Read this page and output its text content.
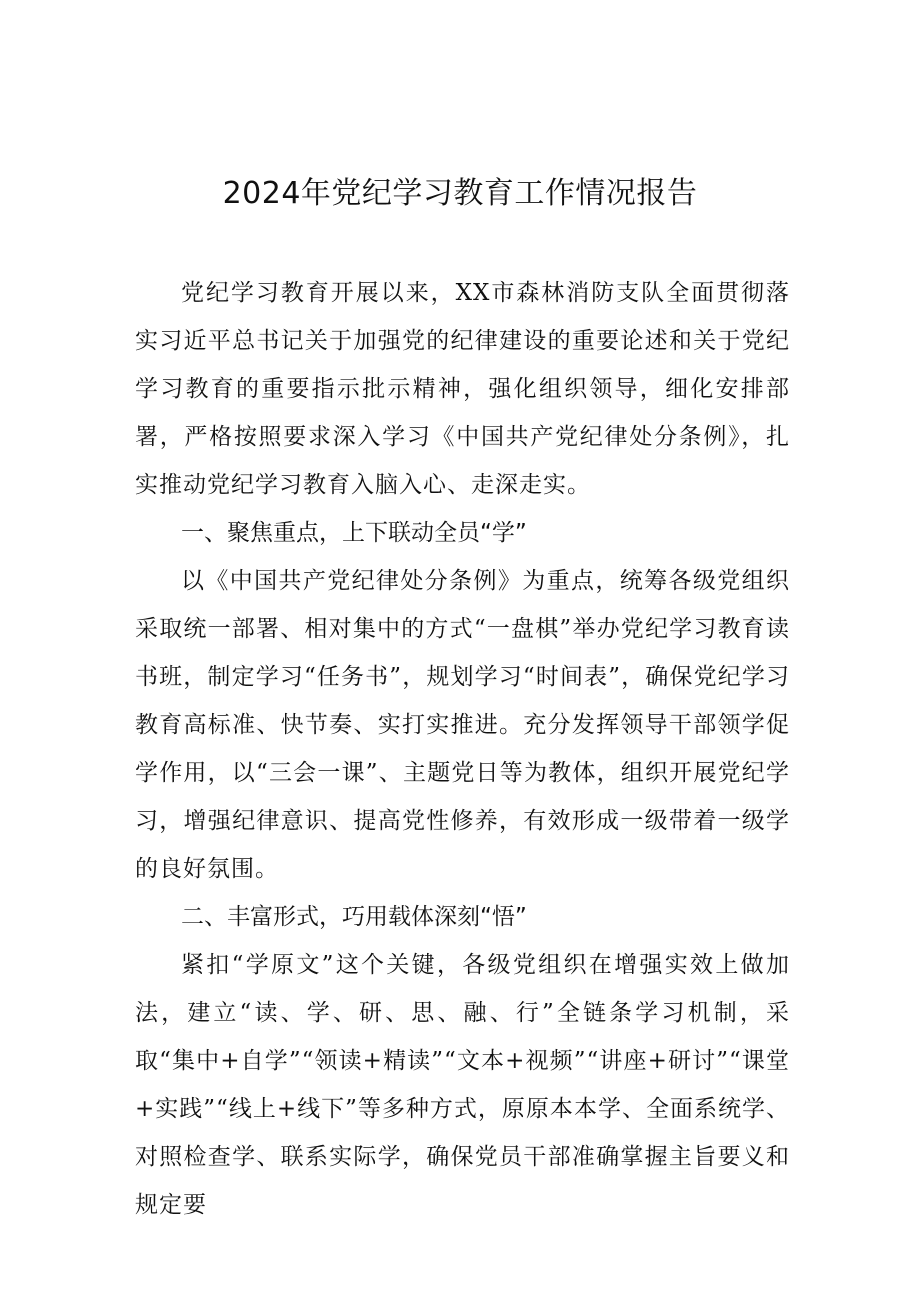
2024年党纪学习教育工作情况报告
党纪学习教育开展以来，XX市森林消防支队全面贯彻落实习近平总书记关于加强党的纪律建设的重要论述和关于党纪学习教育的重要指示批示精神，强化组织领导，细化安排部署，严格按照要求深入学习《中国共产党纪律处分条例》，扎实推动党纪学习教育入脑入心、走深走实。
一、聚焦重点，上下联动全员“学”
以《中国共产党纪律处分条例》为重点，统筹各级党组织采取统一部署、相对集中的方式“一盘棋”举办党纪学习教育读书班，制定学习“任务书”，规划学习“时间表”，确保党纪学习教育高标准、快节奏、实打实推进。充分发挥领导干部领学促学作用，以“三会一课”、主题党日等为教体，组织开展党纪学习，增强纪律意识、提高党性修养，有效形成一级带着一级学的良好氛围。
二、丰富形式，巧用载体深刻“悟”
紧扣“学原文”这个关键，各级党组织在增强实效上做加法，建立“读、学、研、思、融、行”全链条学习机制，采取“集中+自学”“领读+精读”“文本+视频”“讲座+研讨”“课堂+实践”“线上+线下”等多种方式，原原本本学、全面系统学、对照检查学、联系实际学，确保党员干部准确掌握主旨要义和规定要
